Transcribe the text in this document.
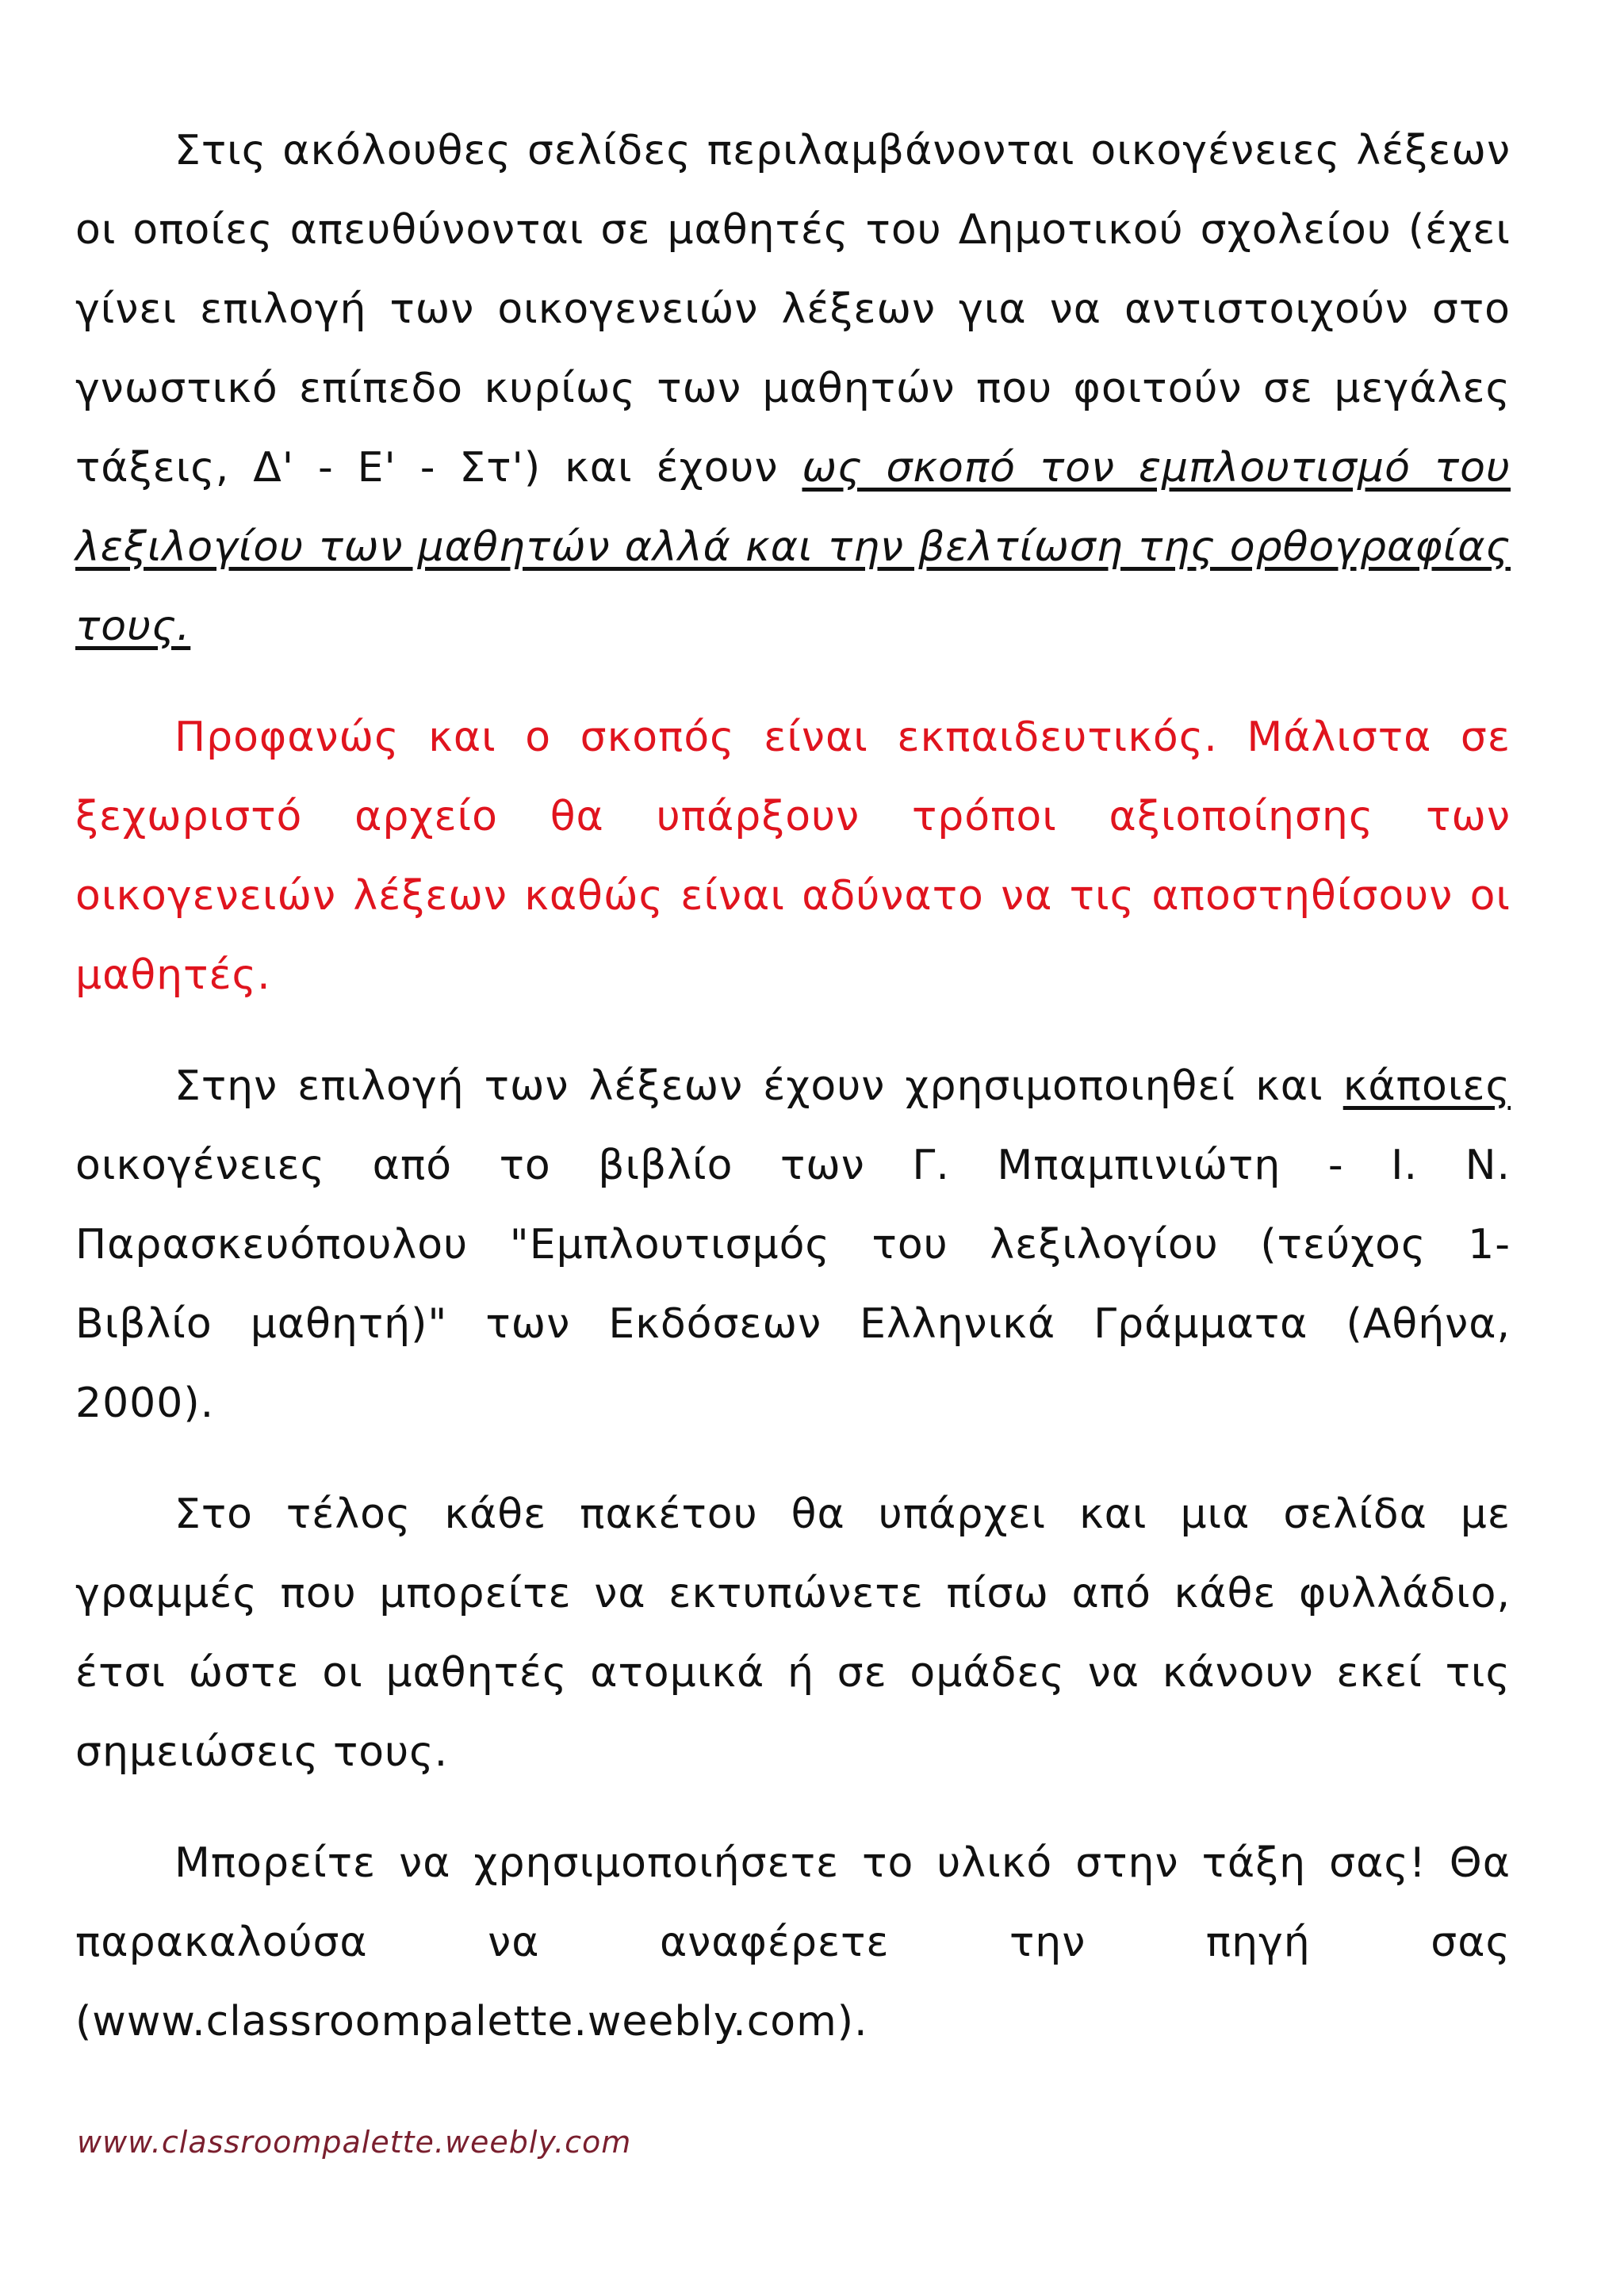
Στις ακόλουθες σελίδες περιλαμβάνονται οικογένειες λέξεων οι οποίες απευθύνονται σε μαθητές του Δημοτικού σχολείου (έχει γίνει επιλογή των οικογενειών λέξεων για να αντιστοιχούν στο γνωστικό επίπεδο κυρίως των μαθητών που φοιτούν σε μεγάλες τάξεις, Δ' - Ε' - Στ') και έχουν ως σκοπό τον εμπλουτισμό του λεξιλογίου των μαθητών αλλά και την βελτίωση της ορθογραφίας τους.

Προφανώς και ο σκοπός είναι εκπαιδευτικός. Μάλιστα σε ξεχωριστό αρχείο θα υπάρξουν τρόποι αξιοποίησης των οικογενειών λέξεων καθώς είναι αδύνατο να τις αποστηθίσουν οι μαθητές.

Στην επιλογή των λέξεων έχουν χρησιμοποιηθεί και κάποιες οικογένειες από το βιβλίο των Γ. Μπαμπινιώτη - Ι. Ν. Παρασκευόπουλου "Εμπλουτισμός του λεξιλογίου (τεύχος 1- Βιβλίο μαθητή)" των Εκδόσεων Ελληνικά Γράμματα (Αθήνα, 2000).

Στο τέλος κάθε πακέτου θα υπάρχει και μια σελίδα με γραμμές που μπορείτε να εκτυπώνετε πίσω από κάθε φυλλάδιο, έτσι ώστε οι μαθητές ατομικά ή σε ομάδες να κάνουν εκεί τις σημειώσεις τους.

Μπορείτε να χρησιμοποιήσετε το υλικό στην τάξη σας! Θα παρακαλούσα να αναφέρετε την πηγή σας (www.classroompalette.weebly.com).

www.classroompalette.weebly.com
